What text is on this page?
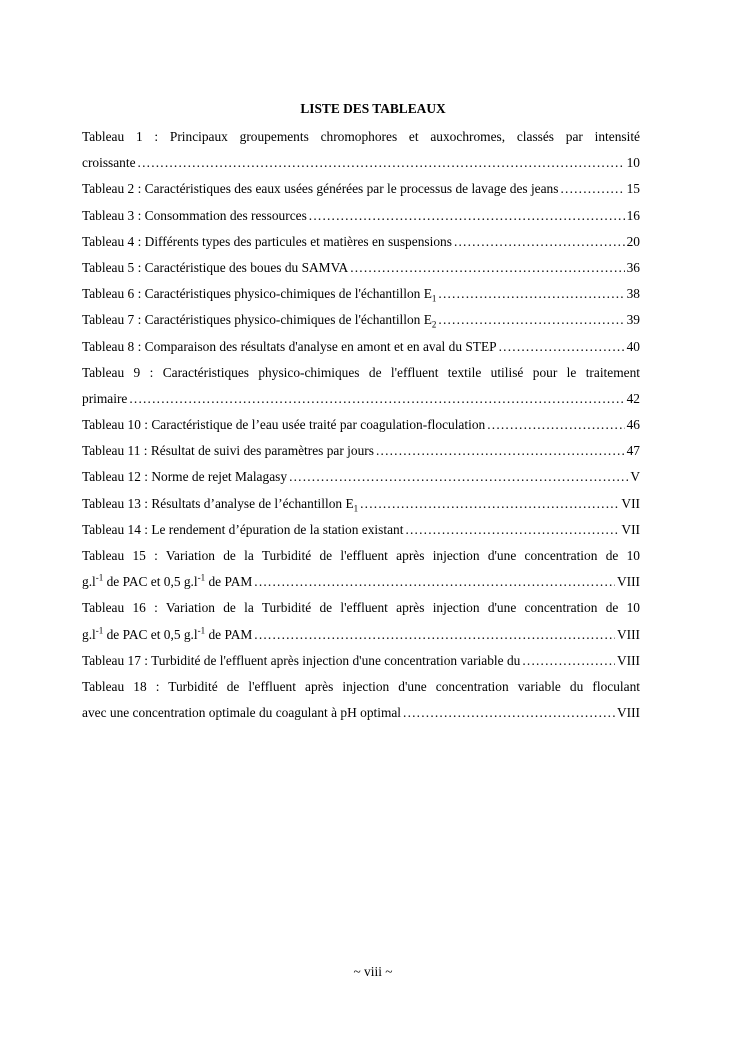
LISTE DES TABLEAUX
Tableau 1 : Principaux groupements chromophores et auxochromes, classés par intensité
croissante .....	10
Tableau 2 : Caractéristiques des eaux usées générées par le processus de lavage des jeans .....	15
Tableau 3 : Consommation des ressources .....	16
Tableau 4 : Différents types des particules et matières en suspensions .....	20
Tableau 5 : Caractéristique des boues du SAMVA .....	36
Tableau 6 : Caractéristiques physico-chimiques de l'échantillon $E_1$ .....	38
Tableau 7 : Caractéristiques physico-chimiques de l'échantillon $E_2$ .....	39
Tableau 8 : Comparaison des résultats d'analyse en amont et en aval du STEP .....	40
Tableau 9 : Caractéristiques physico-chimiques de l'effluent textile utilisé pour le traitement
primaire .....	42
Tableau 10 : Caractéristique de l’eau usée traité par coagulation-floculation .....	46
Tableau 11 : Résultat de suivi des paramètres par jours .....	47
Tableau 12 : Norme de rejet Malagasy .....	V
Tableau 13 : Résultats d’analyse de l’échantillon $E_1$ .....	VII
Tableau 14 : Le rendement d’épuration de la station existant .....	VII
Tableau 15 : Variation de la Turbidité de l'effluent après injection d'une concentration de 10
$g.l^{-1}$ de PAC et 0,5 $g.l^{-1}$ de PAM .....	VIII
Tableau 16 : Variation de la Turbidité de l'effluent après injection d'une concentration de 10
$g.l^{-1}$ de PAC et 0,5 $g.l^{-1}$ de PAM .....	VIII
Tableau 17 : Turbidité de l'effluent après injection d'une concentration variable du .....	VIII
Tableau 18 : Turbidité de l'effluent après injection d'une concentration variable du floculant
avec une concentration optimale du coagulant à pH optimal .....	VIII
~ viii ~
